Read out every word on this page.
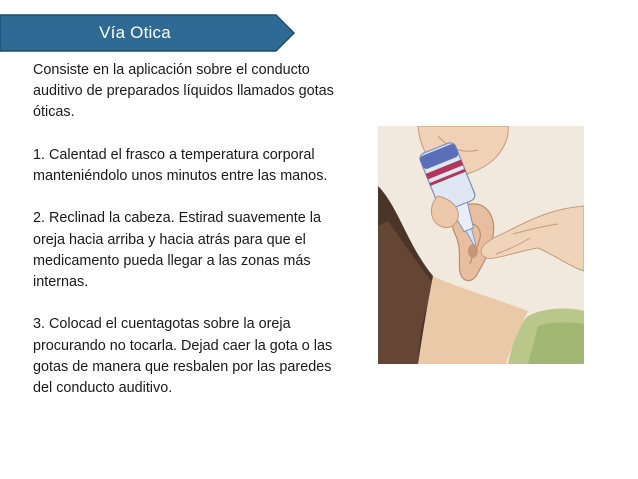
Vía Otica

Consiste en la aplicación sobre el conducto auditivo de preparados líquidos llamados gotas óticas.

1. Calentad el frasco a temperatura corporal manteniéndolo unos minutos entre las manos.

2. Reclinad la cabeza. Estirad suavemente la oreja hacia arriba y hacia atrás para que el medicamento pueda llegar a las zonas más internas.

3. Colocad el cuentagotas sobre la oreja procurando no tocarla. Dejad caer la gota o las gotas de manera que resbalen por las paredes del conducto auditivo.
